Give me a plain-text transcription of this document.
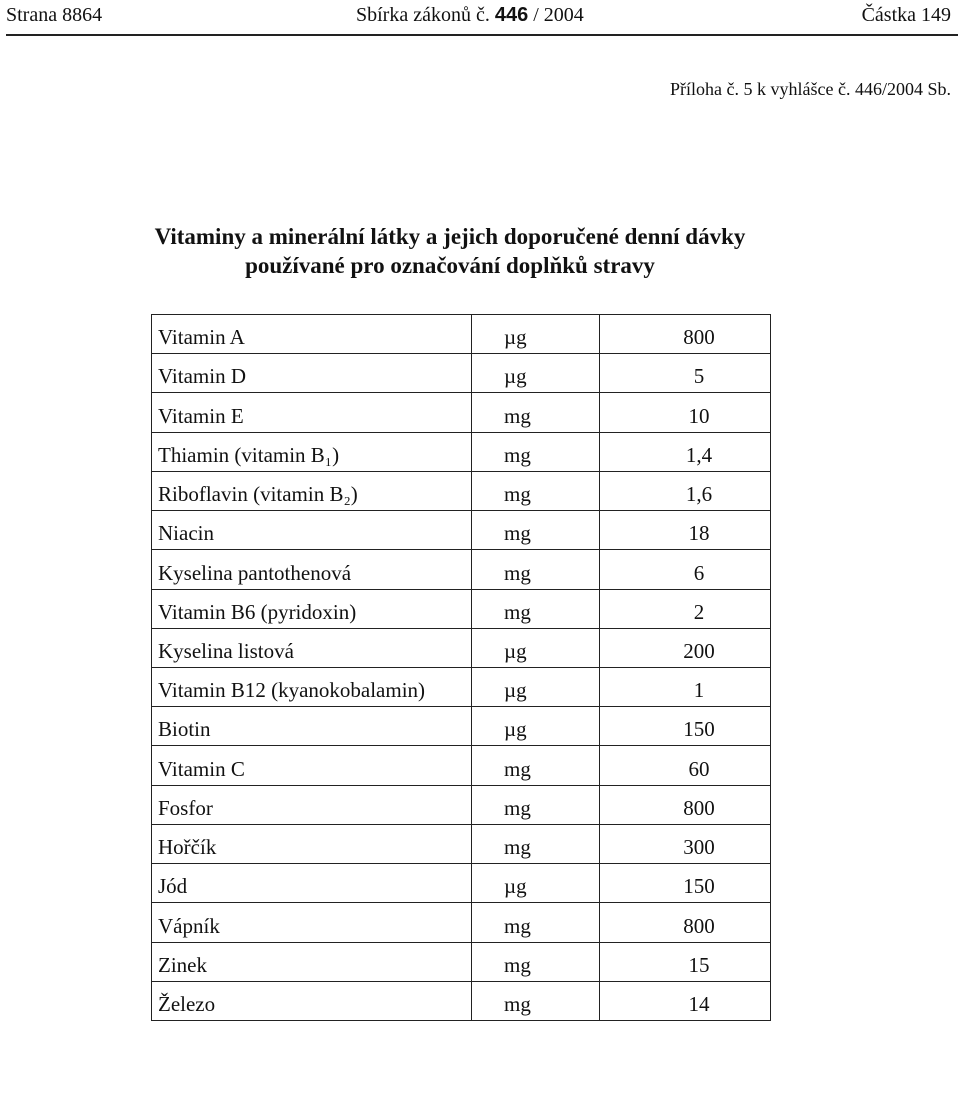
Strana 8864	Sbírka zákonů č. 446 / 2004	Částka 149
Příloha č. 5 k vyhlášce č. 446/2004 Sb.
Vitaminy a minerální látky a jejich doporučené denní dávky
používané pro označování doplňků stravy
Vitamin A	µg	800
Vitamin D	µg	5
Vitamin E	mg	10
Thiamin (vitamin B₁)	mg	1,4
Riboflavin (vitamin B₂)	mg	1,6
Niacin	mg	18
Kyselina pantothenová	mg	6
Vitamin B6 (pyridoxin)	mg	2
Kyselina listová	µg	200
Vitamin B12 (kyanokobalamin)	µg	1
Biotin	µg	150
Vitamin C	mg	60
Fosfor	mg	800
Hořčík	mg	300
Jód	µg	150
Vápník	mg	800
Zinek	mg	15
Železo	mg	14
